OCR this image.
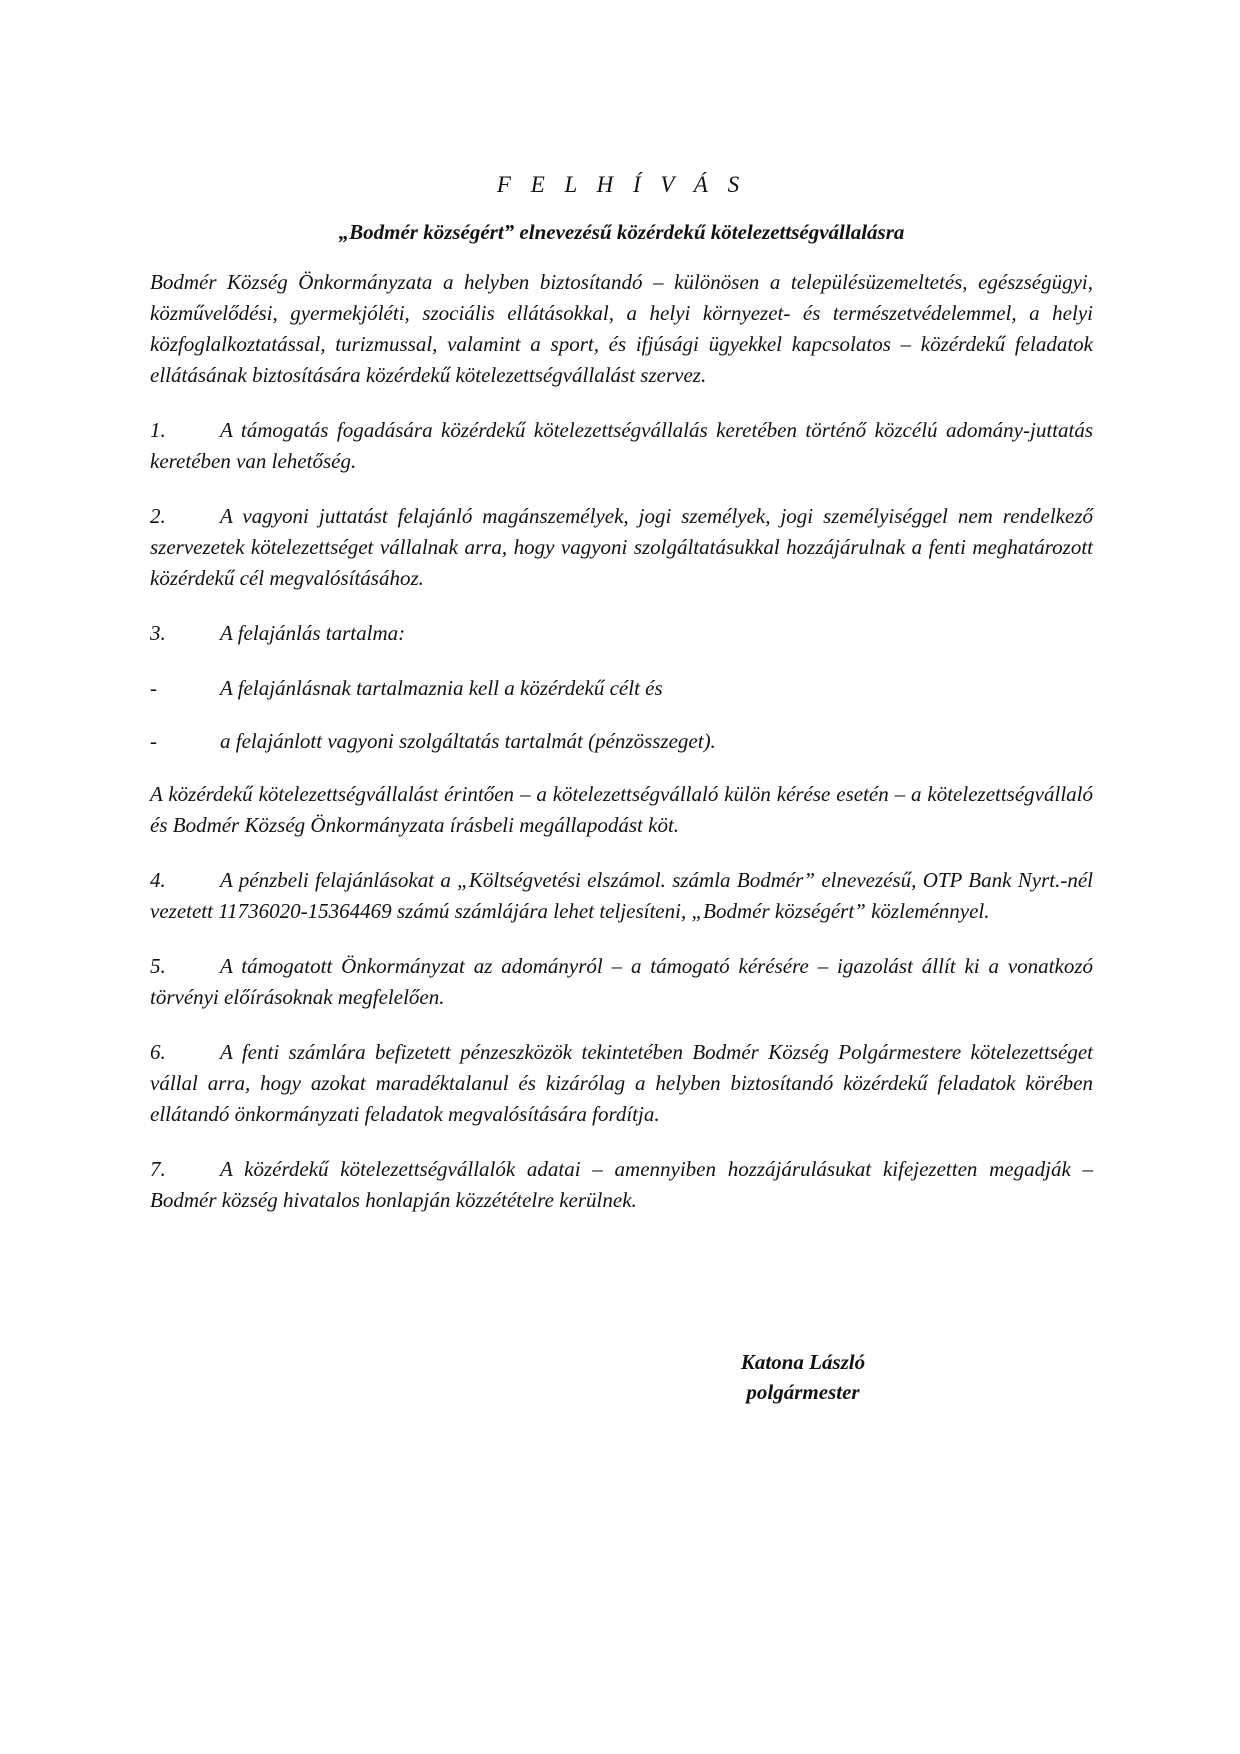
F E L H Í V Á S
„Bodmér községért” elnevezésű közérdekű kötelezettségvállalásra

Bodmér Község Önkormányzata a helyben biztosítandó – különösen a településüzemeltetés, egészségügyi, közművelődési, gyermekjóléti, szociális ellátásokkal, a helyi környezet- és természetvédelemmel, a helyi közfoglalkoztatással, turizmussal, valamint a sport, és ifjúsági ügyekkel kapcsolatos – közérdekű feladatok ellátásának biztosítására közérdekű kötelezettségvállalást szervez.

1.	A támogatás fogadására közérdekű kötelezettségvállalás keretében történő közcélú adomány-juttatás keretében van lehetőség.

2.	A vagyoni juttatást felajánló magánszemélyek, jogi személyek, jogi személyiséggel nem rendelkező szervezetek kötelezettséget vállalnak arra, hogy vagyoni szolgáltatásukkal hozzájárulnak a fenti meghatározott közérdekű cél megvalósításához.

3.	A felajánlás tartalma:

-	A felajánlásnak tartalmaznia kell a közérdekű célt és

-	a felajánlott vagyoni szolgáltatás tartalmát (pénzösszeget).

A közérdekű kötelezettségvállalást érintően – a kötelezettségvállaló külön kérése esetén – a kötelezettségvállaló és Bodmér Község Önkormányzata írásbeli megállapodást köt.

4.	A pénzbeli felajánlásokat a „Költségvetési elszámol. számla Bodmér” elnevezésű, OTP Bank Nyrt.-nél vezetett 11736020-15364469 számú számlájára lehet teljesíteni, „Bodmér községért” közleménnyel.

5.	A támogatott Önkormányzat az adományról – a támogató kérésére – igazolást állít ki a vonatkozó törvényi előírásoknak megfelelően.

6.	A fenti számlára befizetett pénzeszközök tekintetében Bodmér Község Polgármestere kötelezettséget vállal arra, hogy azokat maradéktalanul és kizárólag a helyben biztosítandó közérdekű feladatok körében ellátandó önkormányzati feladatok megvalósítására fordítja.

7.	A közérdekű kötelezettségvállalók adatai – amennyiben hozzájárulásukat kifejezetten megadják – Bodmér község hivatalos honlapján közzétételre kerülnek.

Katona László
polgármester
